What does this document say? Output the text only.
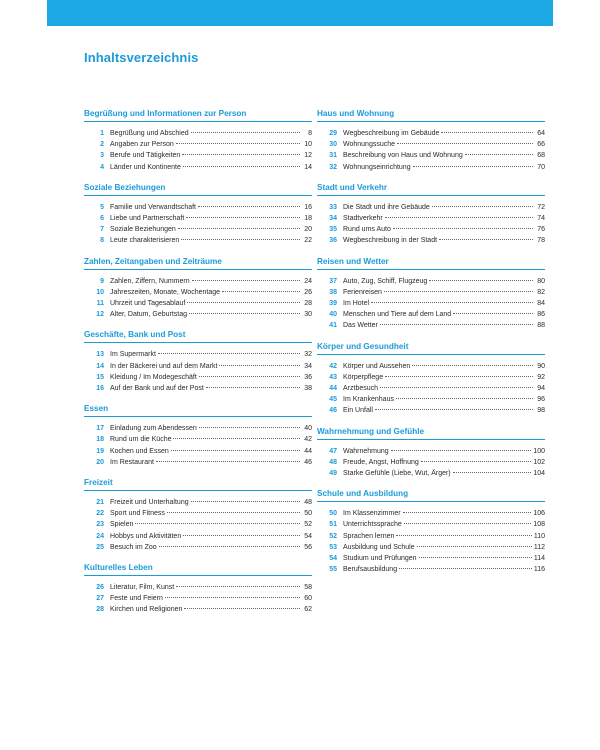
Inhaltsverzeichnis
Begrüßung und Informationen zur Person
1 Begrüßung und Abschied	8
2 Angaben zur Person	10
3 Berufe und Tätigkeiten	12
4 Länder und Kontinente	14
Soziale Beziehungen
5 Familie und Verwandtschaft	16
6 Liebe und Partnerschaft	18
7 Soziale Beziehungen	20
8 Leute charakterisieren	22
Zahlen, Zeitangaben und Zeiträume
9 Zahlen, Ziffern, Nummern	24
10 Jahreszeiten, Monate, Wochentage	26
11 Uhrzeit und Tagesablauf	28
12 Alter, Datum, Geburtstag	30
Geschäfte, Bank und Post
13 Im Supermarkt	32
14 In der Bäckerei und auf dem Markt	34
15 Kleidung / Im Modegeschäft	36
16 Auf der Bank und auf der Post	38
Essen
17 Einladung zum Abendessen	40
18 Rund um die Küche	42
19 Kochen und Essen	44
20 Im Restaurant	46
Freizeit
21 Freizeit und Unterhaltung	48
22 Sport und Fitness	50
23 Spielen	52
24 Hobbys und Aktivitäten	54
25 Besuch im Zoo	56
Kulturelles Leben
26 Literatur, Film, Kunst	58
27 Feste und Feiern	60
28 Kirchen und Religionen	62
Haus und Wohnung
29 Wegbeschreibung im Gebäude	64
30 Wohnungssuche	66
31 Beschreibung von Haus und Wohnung	68
32 Wohnungseinrichtung	70
Stadt und Verkehr
33 Die Stadt und ihre Gebäude	72
34 Stadtverkehr	74
35 Rund ums Auto	76
36 Wegbeschreibung in der Stadt	78
Reisen und Wetter
37 Auto, Zug, Schiff, Flugzeug	80
38 Ferienreisen	82
39 Im Hotel	84
40 Menschen und Tiere auf dem Land	86
41 Das Wetter	88
Körper und Gesundheit
42 Körper und Aussehen	90
43 Körperpflege	92
44 Arztbesuch	94
45 Im Krankenhaus	96
46 Ein Unfall	98
Wahrnehmung und Gefühle
47 Wahrnehmung	100
48 Freude, Angst, Hoffnung	102
49 Starke Gefühle (Liebe, Wut, Ärger)	104
Schule und Ausbildung
50 Im Klassenzimmer	106
51 Unterrichtssprache	108
52 Sprachen lernen	110
53 Ausbildung und Schule	112
54 Studium und Prüfungen	114
55 Berufsausbildung	116
